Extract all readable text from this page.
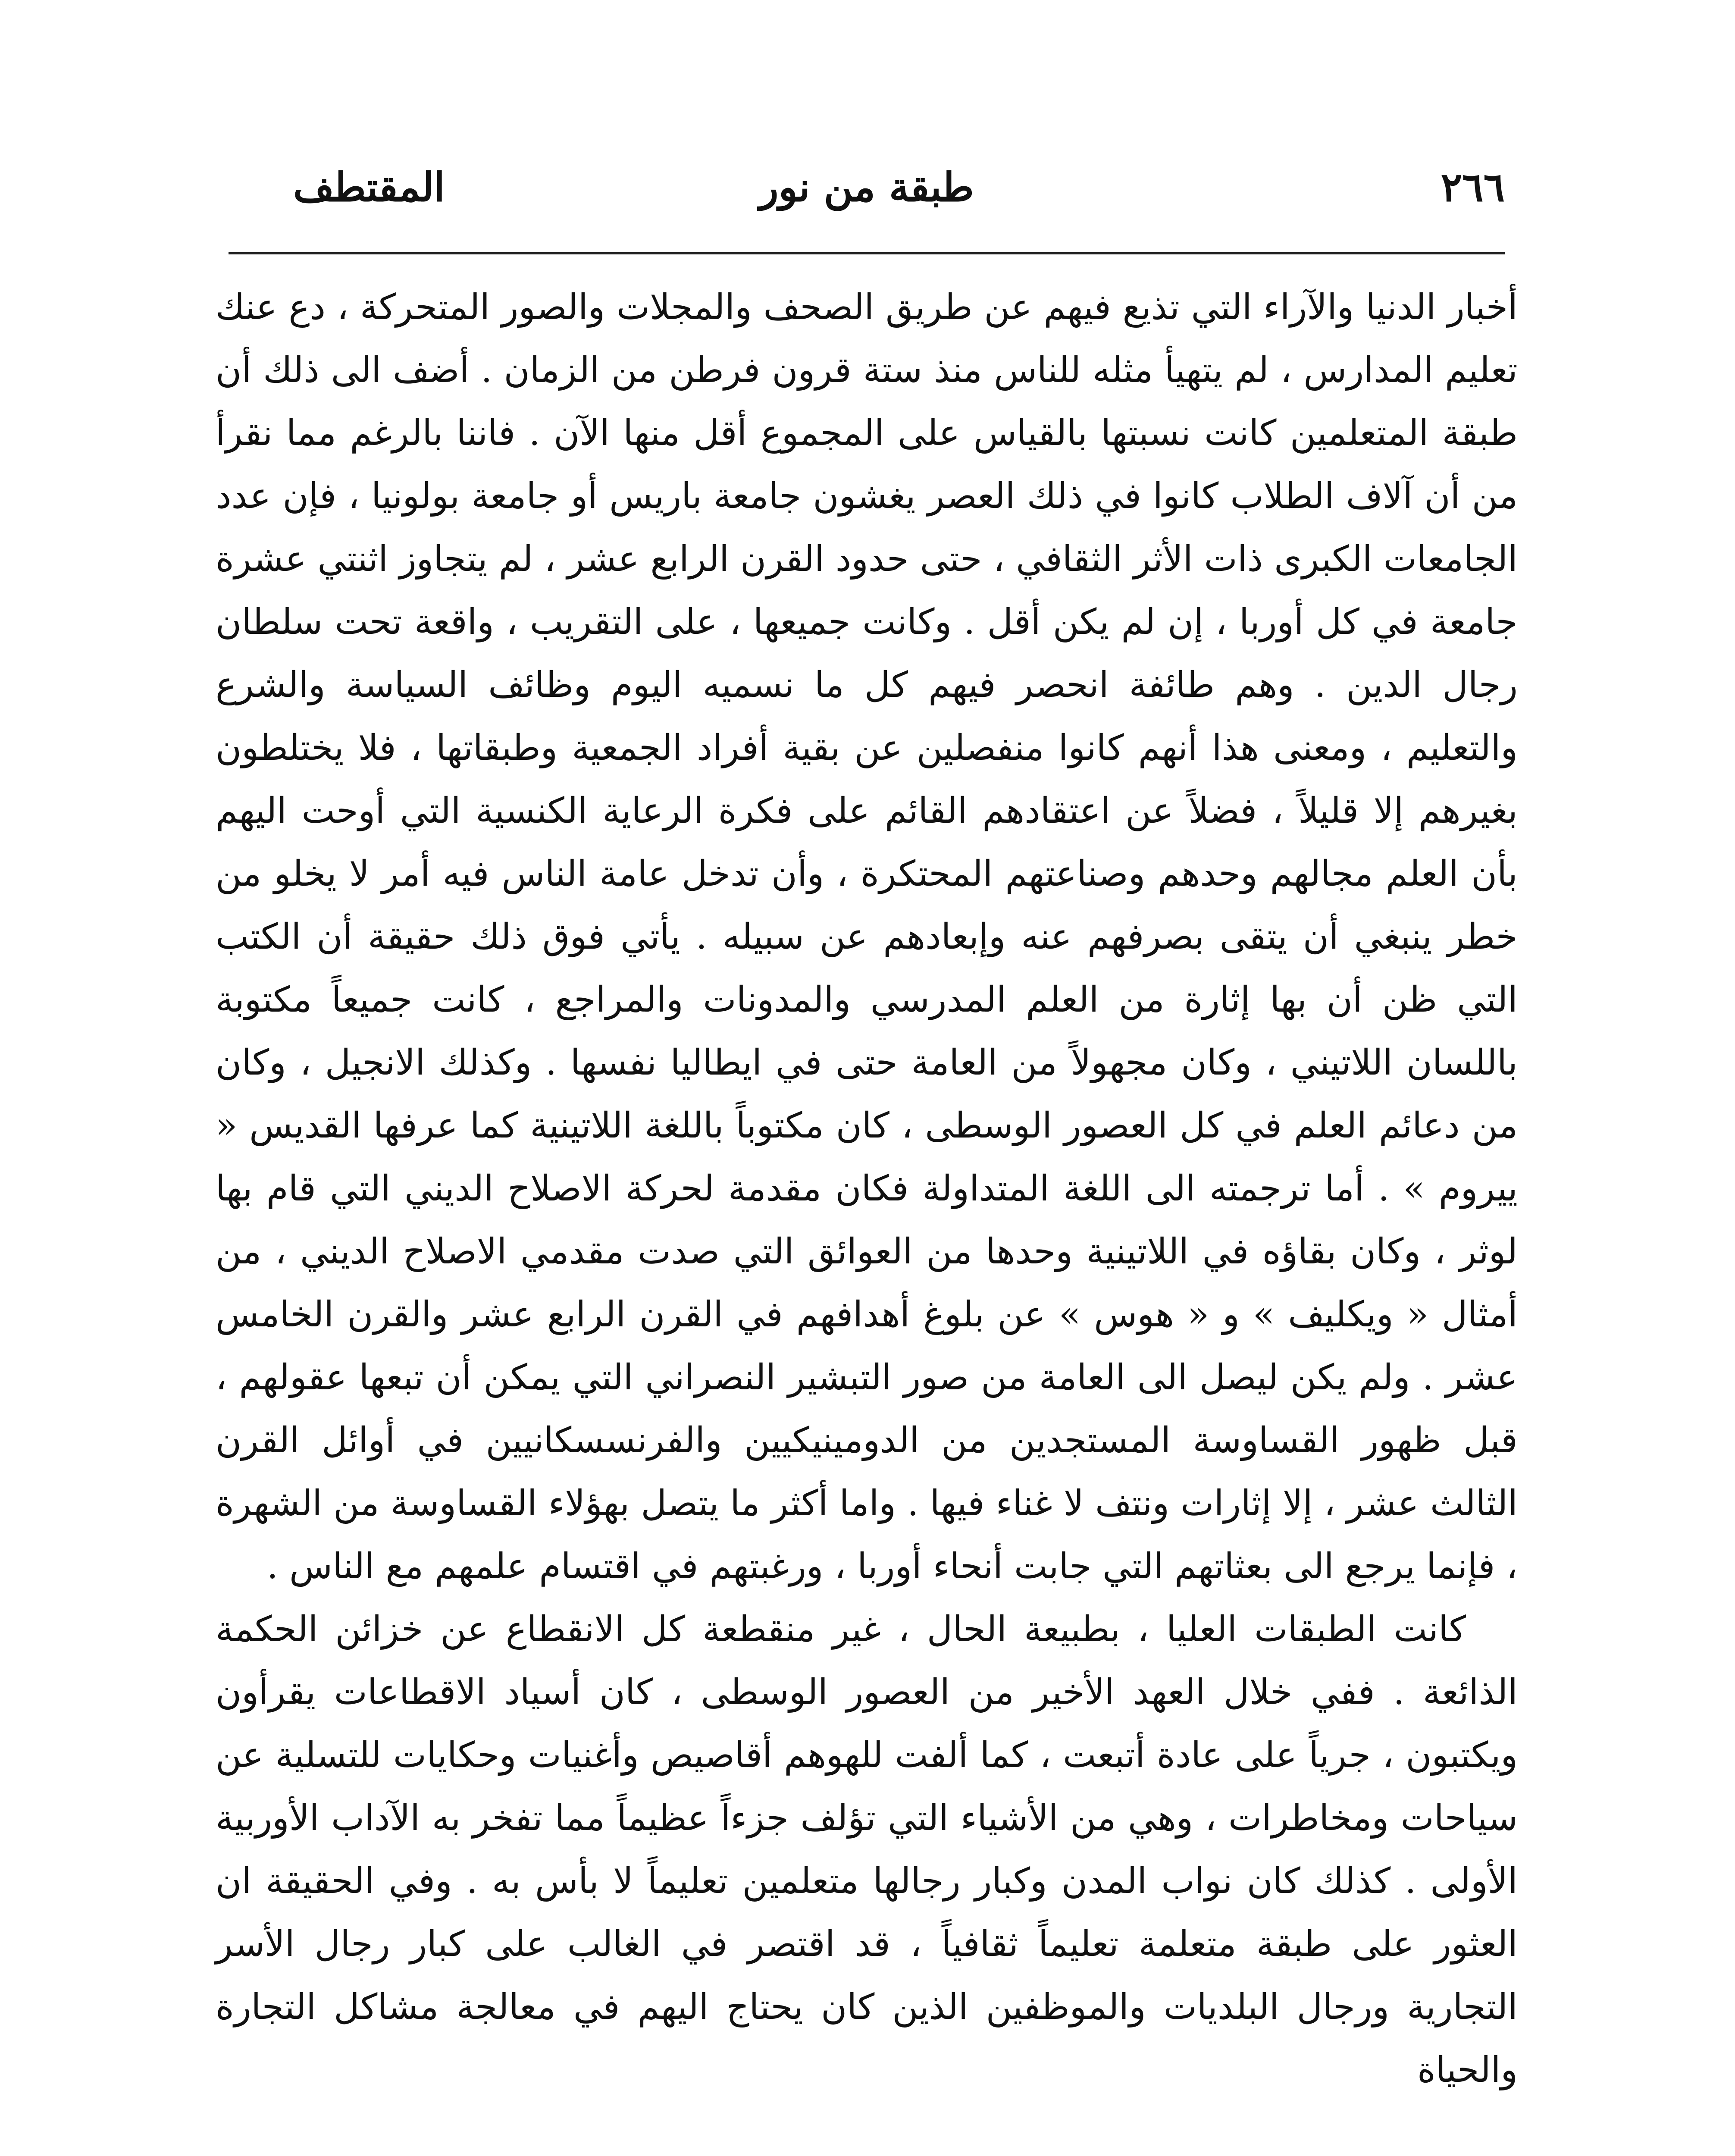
٢٦٦
طبقة من نور
المقتطف

أخبار الدنيا والآراء التي تذيع فيهم عن طريق الصحف والمجلات والصور المتحركة ، دع عنك تعليم المدارس ، لم يتهيأ مثله للناس منذ ستة قرون فرطن من الزمان . أضف الى ذلك أن طبقة المتعلمين كانت نسبتها بالقياس على المجموع أقل منها الآن . فاننا بالرغم مما نقرأ من أن آلاف الطلاب كانوا في ذلك العصر يغشون جامعة باريس أو جامعة بولونيا ، فإن عدد الجامعات الكبرى ذات الأثر الثقافي ، حتى حدود القرن الرابع عشر ، لم يتجاوز اثنتي عشرة جامعة في كل أوربا ، إن لم يكن أقل . وكانت جميعها ، على التقريب ، واقعة تحت سلطان رجال الدين . وهم طائفة انحصر فيهم كل ما نسميه اليوم وظائف السياسة والشرع والتعليم ، ومعنى هذا أنهم كانوا منفصلين عن بقية أفراد الجمعية وطبقاتها ، فلا يختلطون بغيرهم إلا قليلاً ، فضلاً عن اعتقادهم القائم على فكرة الرعاية الكنسية التي أوحت اليهم بأن العلم مجالهم وحدهم وصناعتهم المحتكرة ، وأن تدخل عامة الناس فيه أمر لا يخلو من خطر ينبغي أن يتقى بصرفهم عنه وإبعادهم عن سبيله . يأتي فوق ذلك حقيقة أن الكتب التي ظن أن بها إثارة من العلم المدرسي والمدونات والمراجع ، كانت جميعاً مكتوبة باللسان اللاتيني ، وكان مجهولاً من العامة حتى في ايطاليا نفسها . وكذلك الانجيل ، وكان من دعائم العلم في كل العصور الوسطى ، كان مكتوباً باللغة اللاتينية كما عرفها القديس « ييروم » . أما ترجمته الى اللغة المتداولة فكان مقدمة لحركة الاصلاح الديني التي قام بها لوثر ، وكان بقاؤه في اللاتينية وحدها من العوائق التي صدت مقدمي الاصلاح الديني ، من أمثال « ويكليف » و « هوس » عن بلوغ أهدافهم في القرن الرابع عشر والقرن الخامس عشر . ولم يكن ليصل الى العامة من صور التبشير النصراني التي يمكن أن تبعها عقولهم ، قبل ظهور القساوسة المستجدين من الدومينيكيين والفرنسسكانيين في أوائل القرن الثالث عشر ، إلا إثارات ونتف لا غناء فيها . واما أكثر ما يتصل بهؤلاء القساوسة من الشهرة ، فإنما يرجع الى بعثاتهم التي جابت أنحاء أوربا ، ورغبتهم في اقتسام علمهم مع الناس .

كانت الطبقات العليا ، بطبيعة الحال ، غير منقطعة كل الانقطاع عن خزائن الحكمة الذائعة . ففي خلال العهد الأخير من العصور الوسطى ، كان أسياد الاقطاعات يقرأون ويكتبون ، جرياً على عادة أتبعت ، كما ألفت للهوهم أقاصيص وأغنيات وحكايات للتسلية عن سياحات ومخاطرات ، وهي من الأشياء التي تؤلف جزءاً عظيماً مما تفخر به الآداب الأوربية الأولى . كذلك كان نواب المدن وكبار رجالها متعلمين تعليماً لا بأس به . وفي الحقيقة ان العثور على طبقة متعلمة تعليماً ثقافياً ، قد اقتصر في الغالب على كبار رجال الأسر التجارية ورجال البلديات والموظفين الذين كان يحتاج اليهم في معالجة مشاكل التجارة والحياة
